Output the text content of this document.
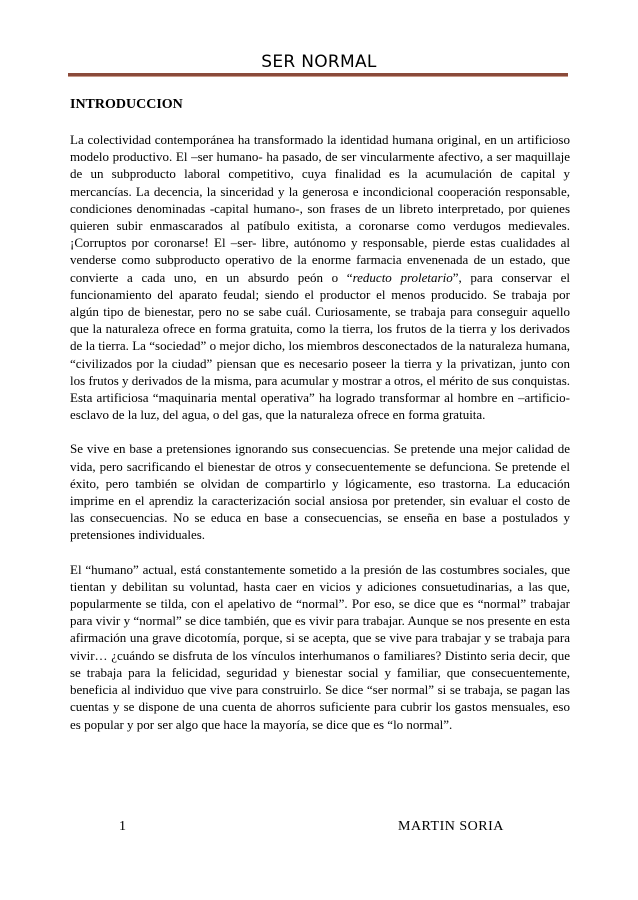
SER NORMAL
INTRODUCCION

La colectividad contemporánea ha transformado la identidad humana original, en un artificioso modelo productivo. El –ser humano- ha pasado, de ser vincularmente afectivo, a ser maquillaje de un subproducto laboral competitivo, cuya finalidad es la acumulación de capital y mercancías. La decencia, la sinceridad y la generosa e incondicional cooperación responsable, condiciones denominadas -capital humano-, son frases de un libreto interpretado, por quienes quieren subir enmascarados al patíbulo exitista, a coronarse como verdugos medievales. ¡Corruptos por coronarse! El –ser- libre, autónomo y responsable, pierde estas cualidades al venderse como subproducto operativo de la enorme farmacia envenenada de un estado, que convierte a cada uno, en un absurdo peón o “reducto proletario”, para conservar el funcionamiento del aparato feudal; siendo el productor el menos producido. Se trabaja por algún tipo de bienestar, pero no se sabe cuál. Curiosamente, se trabaja para conseguir aquello que la naturaleza ofrece en forma gratuita, como la tierra, los frutos de la tierra y los derivados de la tierra. La “sociedad” o mejor dicho, los miembros desconectados de la naturaleza humana, “civilizados por la ciudad” piensan que es necesario poseer la tierra y la privatizan, junto con los frutos y derivados de la misma, para acumular y mostrar a otros, el mérito de sus conquistas. Esta artificiosa “maquinaria mental operativa” ha logrado transformar al hombre en –artificio- esclavo de la luz, del agua, o del gas, que la naturaleza ofrece en forma gratuita.

Se vive en base a pretensiones ignorando sus consecuencias. Se pretende una mejor calidad de vida, pero sacrificando el bienestar de otros y consecuentemente se defunciona. Se pretende el éxito, pero también se olvidan de compartirlo y lógicamente, eso trastorna. La educación imprime en el aprendiz la caracterización social ansiosa por pretender, sin evaluar el costo de las consecuencias. No se educa en base a consecuencias, se enseña en base a postulados y pretensiones individuales.

El “humano” actual, está constantemente sometido a la presión de las costumbres sociales, que tientan y debilitan su voluntad, hasta caer en vicios y adiciones consuetudinarias, a las que, popularmente se tilda, con el apelativo de “normal”. Por eso, se dice que es “normal” trabajar para vivir y “normal” se dice también, que es vivir para trabajar. Aunque se nos presente en esta afirmación una grave dicotomía, porque, si se acepta, que se vive para trabajar y se trabaja para vivir… ¿cuándo se disfruta de los vínculos interhumanos o familiares? Distinto seria decir, que se trabaja para la felicidad, seguridad y bienestar social y familiar, que consecuentemente, beneficia al individuo que vive para construirlo. Se dice “ser normal” si se trabaja, se pagan las cuentas y se dispone de una cuenta de ahorros suficiente para cubrir los gastos mensuales, eso es popular y por ser algo que hace la mayoría, se dice que es “lo normal”.

1	MARTIN SORIA
